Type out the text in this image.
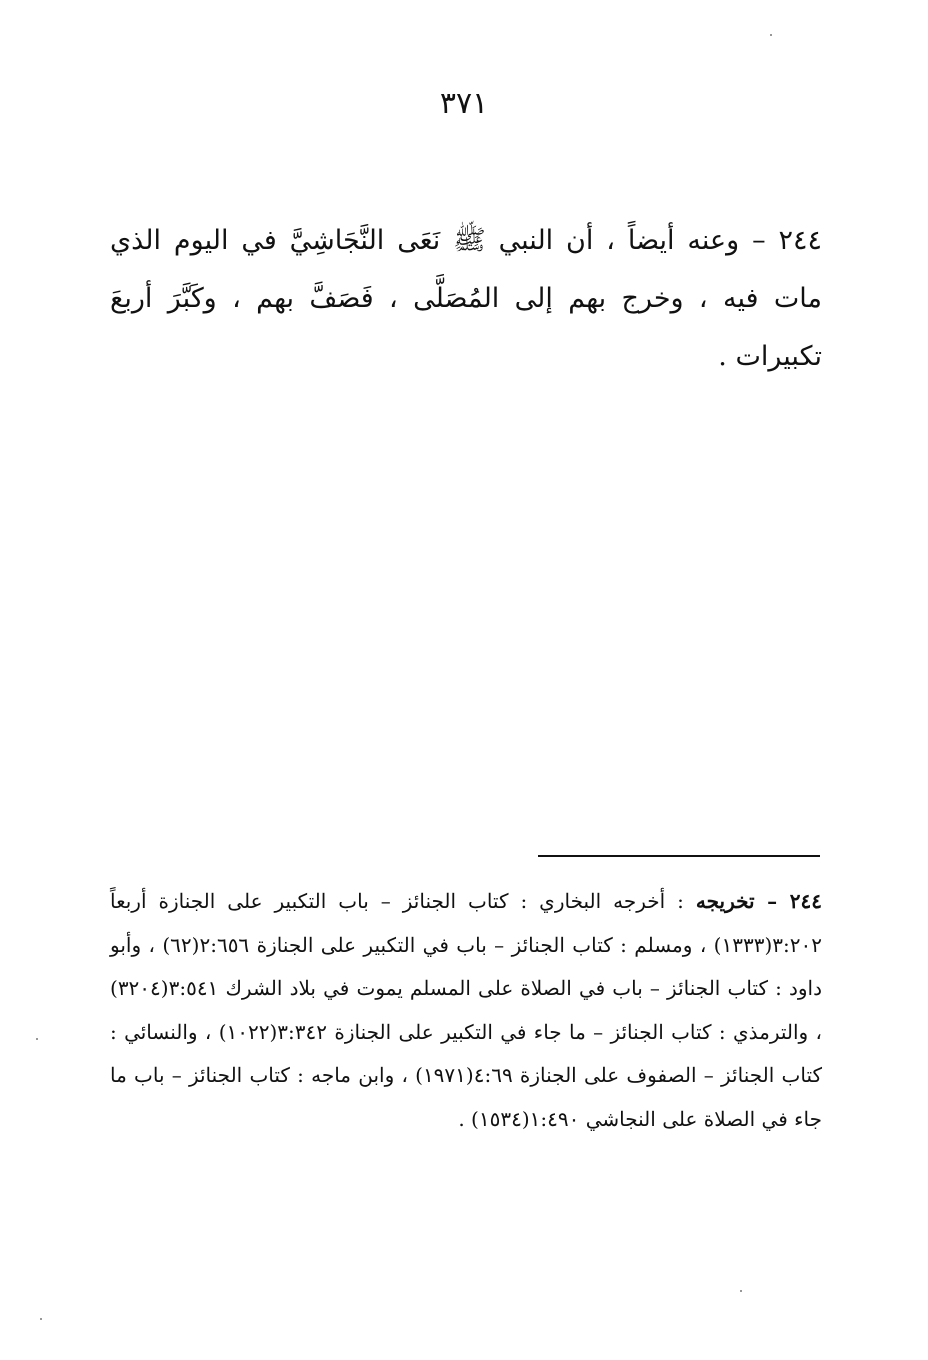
٣٧١

٢٤٤ – وعنه أيضاً ، أن النبي ﷺ نَعَى النَّجَاشِيَّ في اليوم الذي مات فيه ، وخرج بهم إلى المُصَلَّى ، فَصَفَّ بهم ، وكَبَّرَ أربعَ تكبيرات .

٢٤٤ – تخريجه : أخرجه البخاري : كتاب الجنائز – باب التكبير على الجنازة أربعاً ٣:٢٠٢(١٣٣٣) ، ومسلم : كتاب الجنائز – باب في التكبير على الجنازة ٢:٦٥٦(٦٢) ، وأبو داود : كتاب الجنائز – باب في الصلاة على المسلم يموت في بلاد الشرك ٣:٥٤١(٣٢٠٤) ، والترمذي : كتاب الجنائز – ما جاء في التكبير على الجنازة ٣:٣٤٢(١٠٢٢) ، والنسائي : كتاب الجنائز – الصفوف على الجنازة ٤:٦٩(١٩٧١) ، وابن ماجه : كتاب الجنائز – باب ما جاء في الصلاة على النجاشي ١:٤٩٠(١٥٣٤) .
